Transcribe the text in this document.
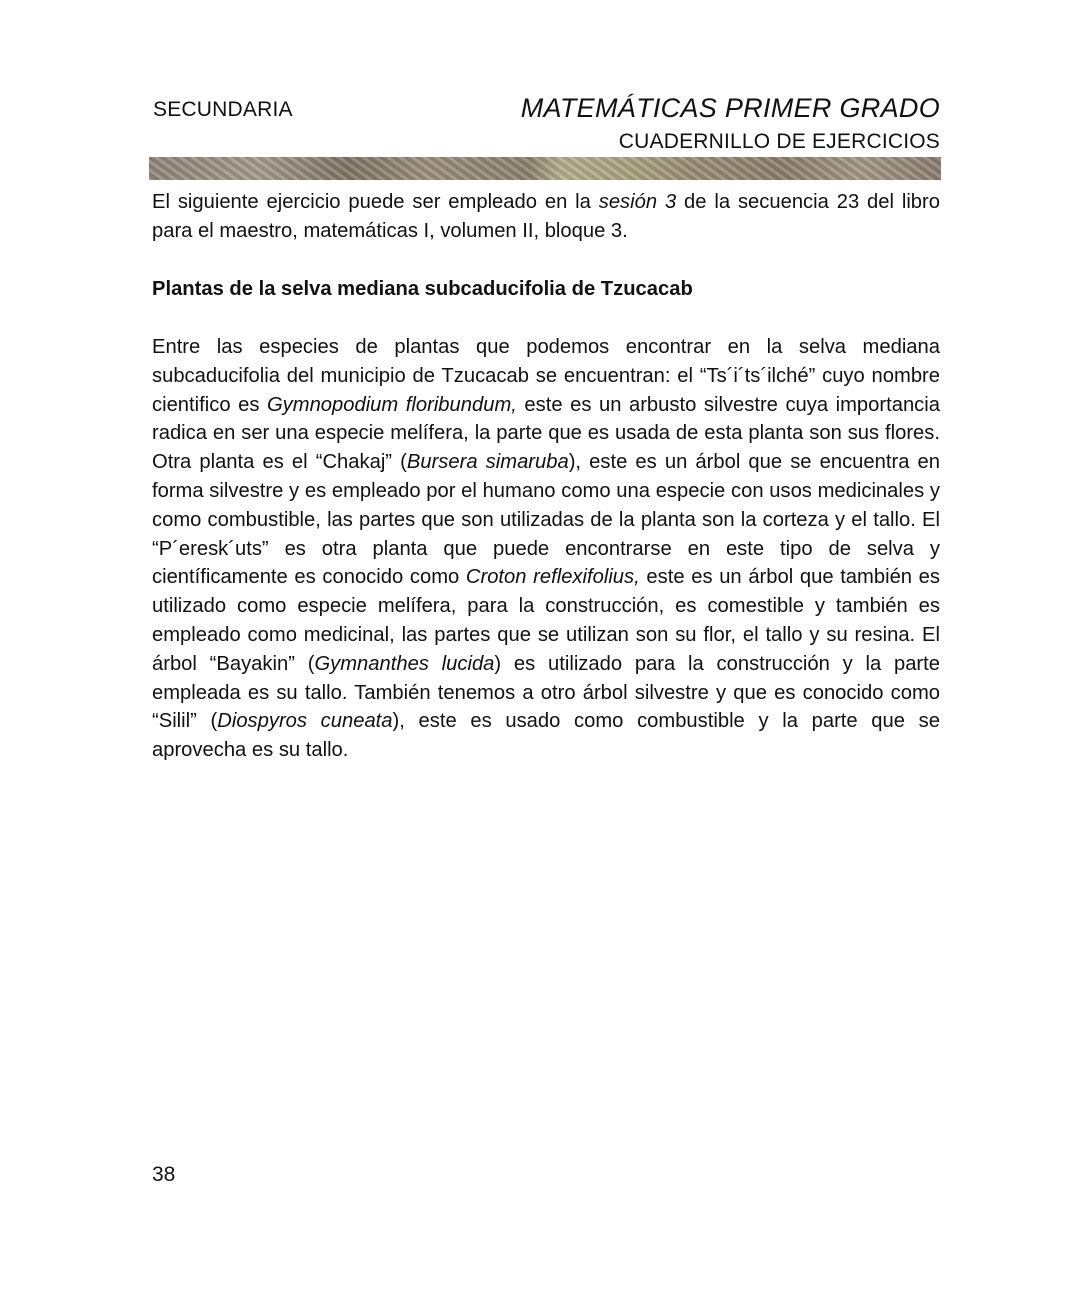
SECUNDARIA	MATEMÁTICAS PRIMER GRADO
CUADERNILLO DE EJERCICIOS

El siguiente ejercicio puede ser empleado en la sesión 3 de la secuencia 23 del libro para el maestro, matemáticas I, volumen II, bloque 3.

Plantas de la selva mediana subcaducifolia de Tzucacab

Entre las especies de plantas que podemos encontrar en la selva mediana subcaducifolia del municipio de Tzucacab se encuentran: el “Ts´i´ts´ilché” cuyo nombre cientifico es Gymnopodium floribundum, este es un arbusto silvestre cuya importancia radica en ser una especie melífera, la parte que es usada de esta planta son sus flores. Otra planta es el “Chakaj” (Bursera simaruba), este es un árbol que se encuentra en forma silvestre y es empleado por el humano como una especie con usos medicinales y como combustible, las partes que son utilizadas de la planta son la corteza y el tallo. El “P´eresk´uts” es otra planta que puede encontrarse en este tipo de selva y científicamente es conocido como Croton reflexifolius, este es un árbol que también es utilizado como especie melífera, para la construcción, es comestible y también es empleado como medicinal, las partes que se utilizan son su flor, el tallo y su resina. El árbol “Bayakin” (Gymnanthes lucida) es utilizado para la construcción y la parte empleada es su tallo. También tenemos a otro árbol silvestre y que es conocido como “Silil” (Diospyros cuneata), este es usado como combustible y la parte que se aprovecha es su tallo.

38
